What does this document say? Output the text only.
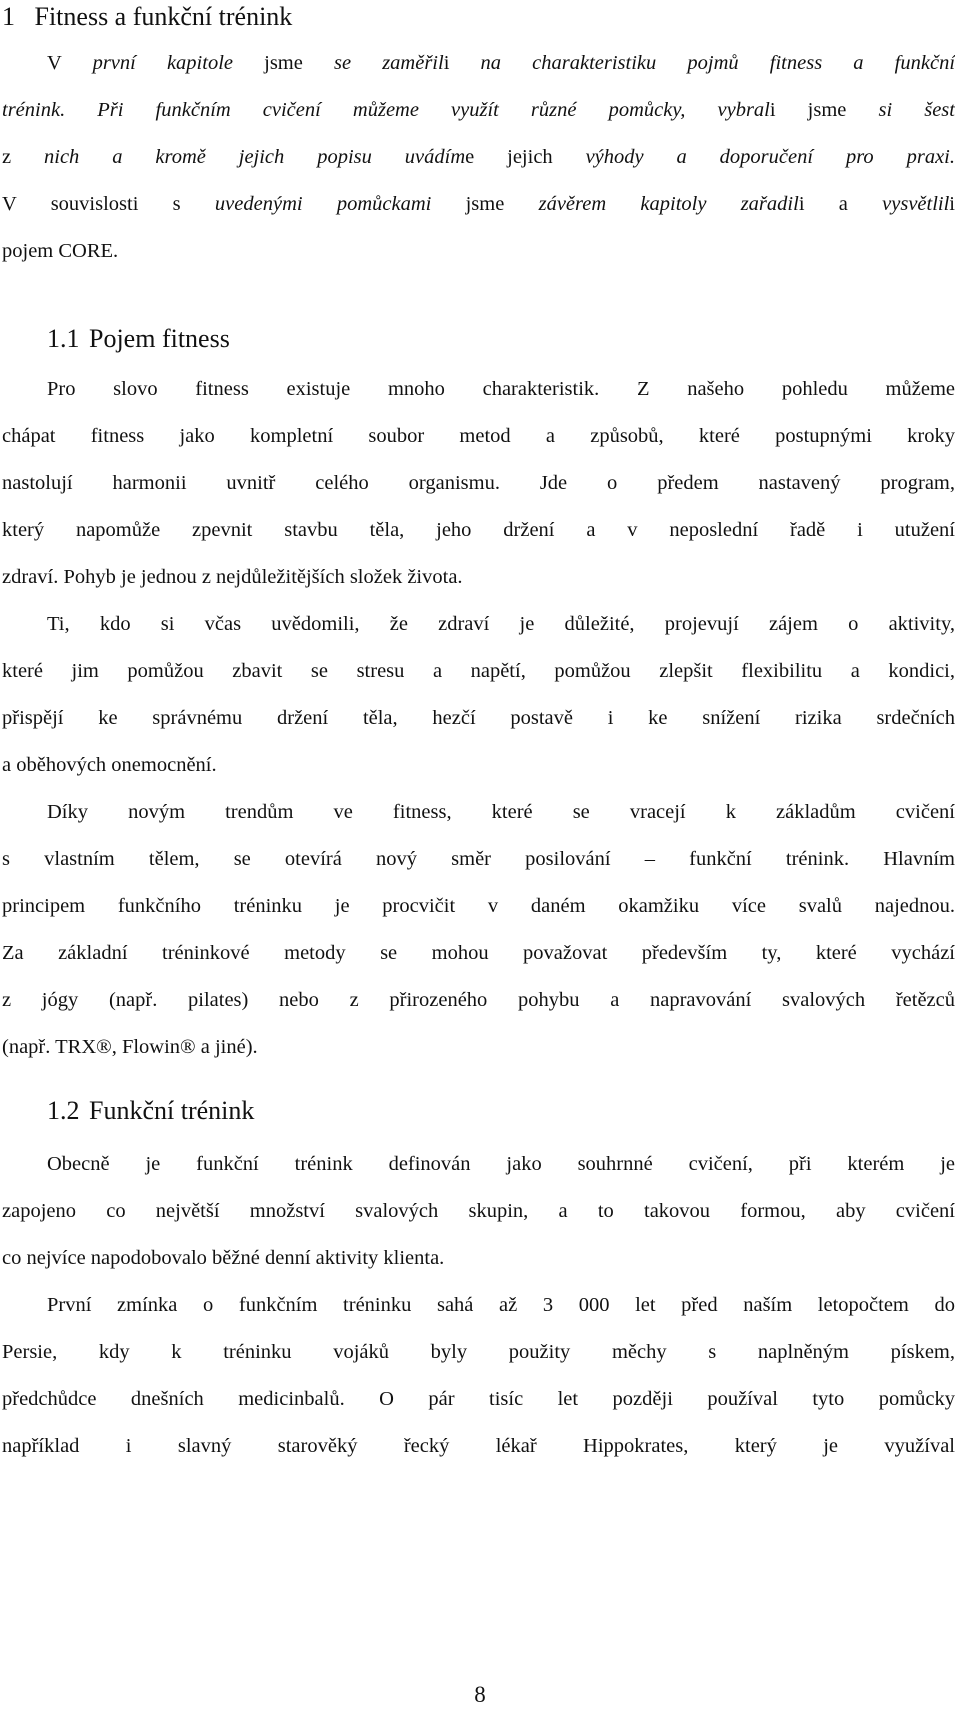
1   Fitness a funkční trénink
V první kapitole jsme se zaměřili na charakteristiku pojmů fitness a funkční
trénink. Při funkčním cvičení můžeme využít různé pomůcky, vybrali jsme si šest
z nich a kromě jejich popisu uvádíme jejich výhody a doporučení pro praxi.
V souvislosti s uvedenými pomůckami jsme závěrem kapitoly zařadili a vysvětlili
pojem CORE.
1.1 Pojem fitness
Pro slovo fitness existuje mnoho charakteristik. Z našeho pohledu můžeme
chápat fitness jako kompletní soubor metod a způsobů, které postupnými kroky
nastolují harmonii uvnitř celého organismu. Jde o předem nastavený program,
který napomůže zpevnit stavbu těla, jeho držení a v neposlední řadě i utužení
zdraví. Pohyb je jednou z nejdůležitějších složek života.
Ti, kdo si včas uvědomili, že zdraví je důležité, projevují zájem o aktivity,
které jim pomůžou zbavit se stresu a napětí, pomůžou zlepšit flexibilitu a kondici,
přispějí ke správnému držení těla, hezčí postavě i ke snížení rizika srdečních
a oběhových onemocnění.
Díky novým trendům ve fitness, které se vracejí k základům cvičení
s vlastním tělem, se otevírá nový směr posilování – funkční trénink. Hlavním
principem funkčního tréninku je procvičit v daném okamžiku více svalů najednou.
Za základní tréninkové metody se mohou považovat především ty, které vychází
z jógy (např. pilates) nebo z přirozeného pohybu a napravování svalových řetězců
(např. TRX®, Flowin® a jiné).
1.2 Funkční trénink
Obecně je funkční trénink definován jako souhrnné cvičení, při kterém je
zapojeno co největší množství svalových skupin, a to takovou formou, aby cvičení
co nejvíce napodobovalo běžné denní aktivity klienta.
První zmínka o funkčním tréninku sahá až 3 000 let před naším letopočtem do
Persie, kdy k tréninku vojáků byly použity měchy s naplněným pískem,
předchůdce dnešních medicinbalů. O pár tisíc let později používal tyto pomůcky
například i slavný starověký řecký lékař Hippokrates, který je využíval
8
